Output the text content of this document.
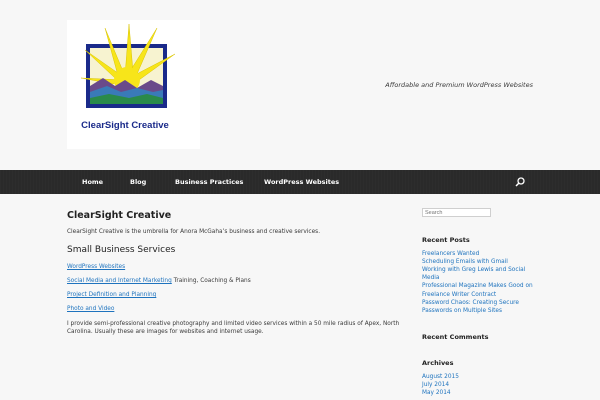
ClearSight Creative
Affordable and Premium WordPress Websites
Home	Blog	Business Practices	WordPress Websites
ClearSight Creative
ClearSight Creative is the umbrella for Anora McGaha’s business and creative services.
Small Business Services
WordPress Websites
Social Media and Internet Marketing Training, Coaching & Plans
Project Definition and Planning
Photo and Video
I provide semi-professional creative photography and limited video services within a 50 mile radius of Apex, North
Carolina. Usually these are images for websites and internet usage.
Search
Recent Posts
Freelancers Wanted
Scheduling Emails with Gmail
Working with Greg Lewis and Social
Media
Professional Magazine Makes Good on
Freelance Writer Contract
Password Chaos: Creating Secure
Passwords on Multiple Sites
Recent Comments
Archives
August 2015
July 2014
May 2014
